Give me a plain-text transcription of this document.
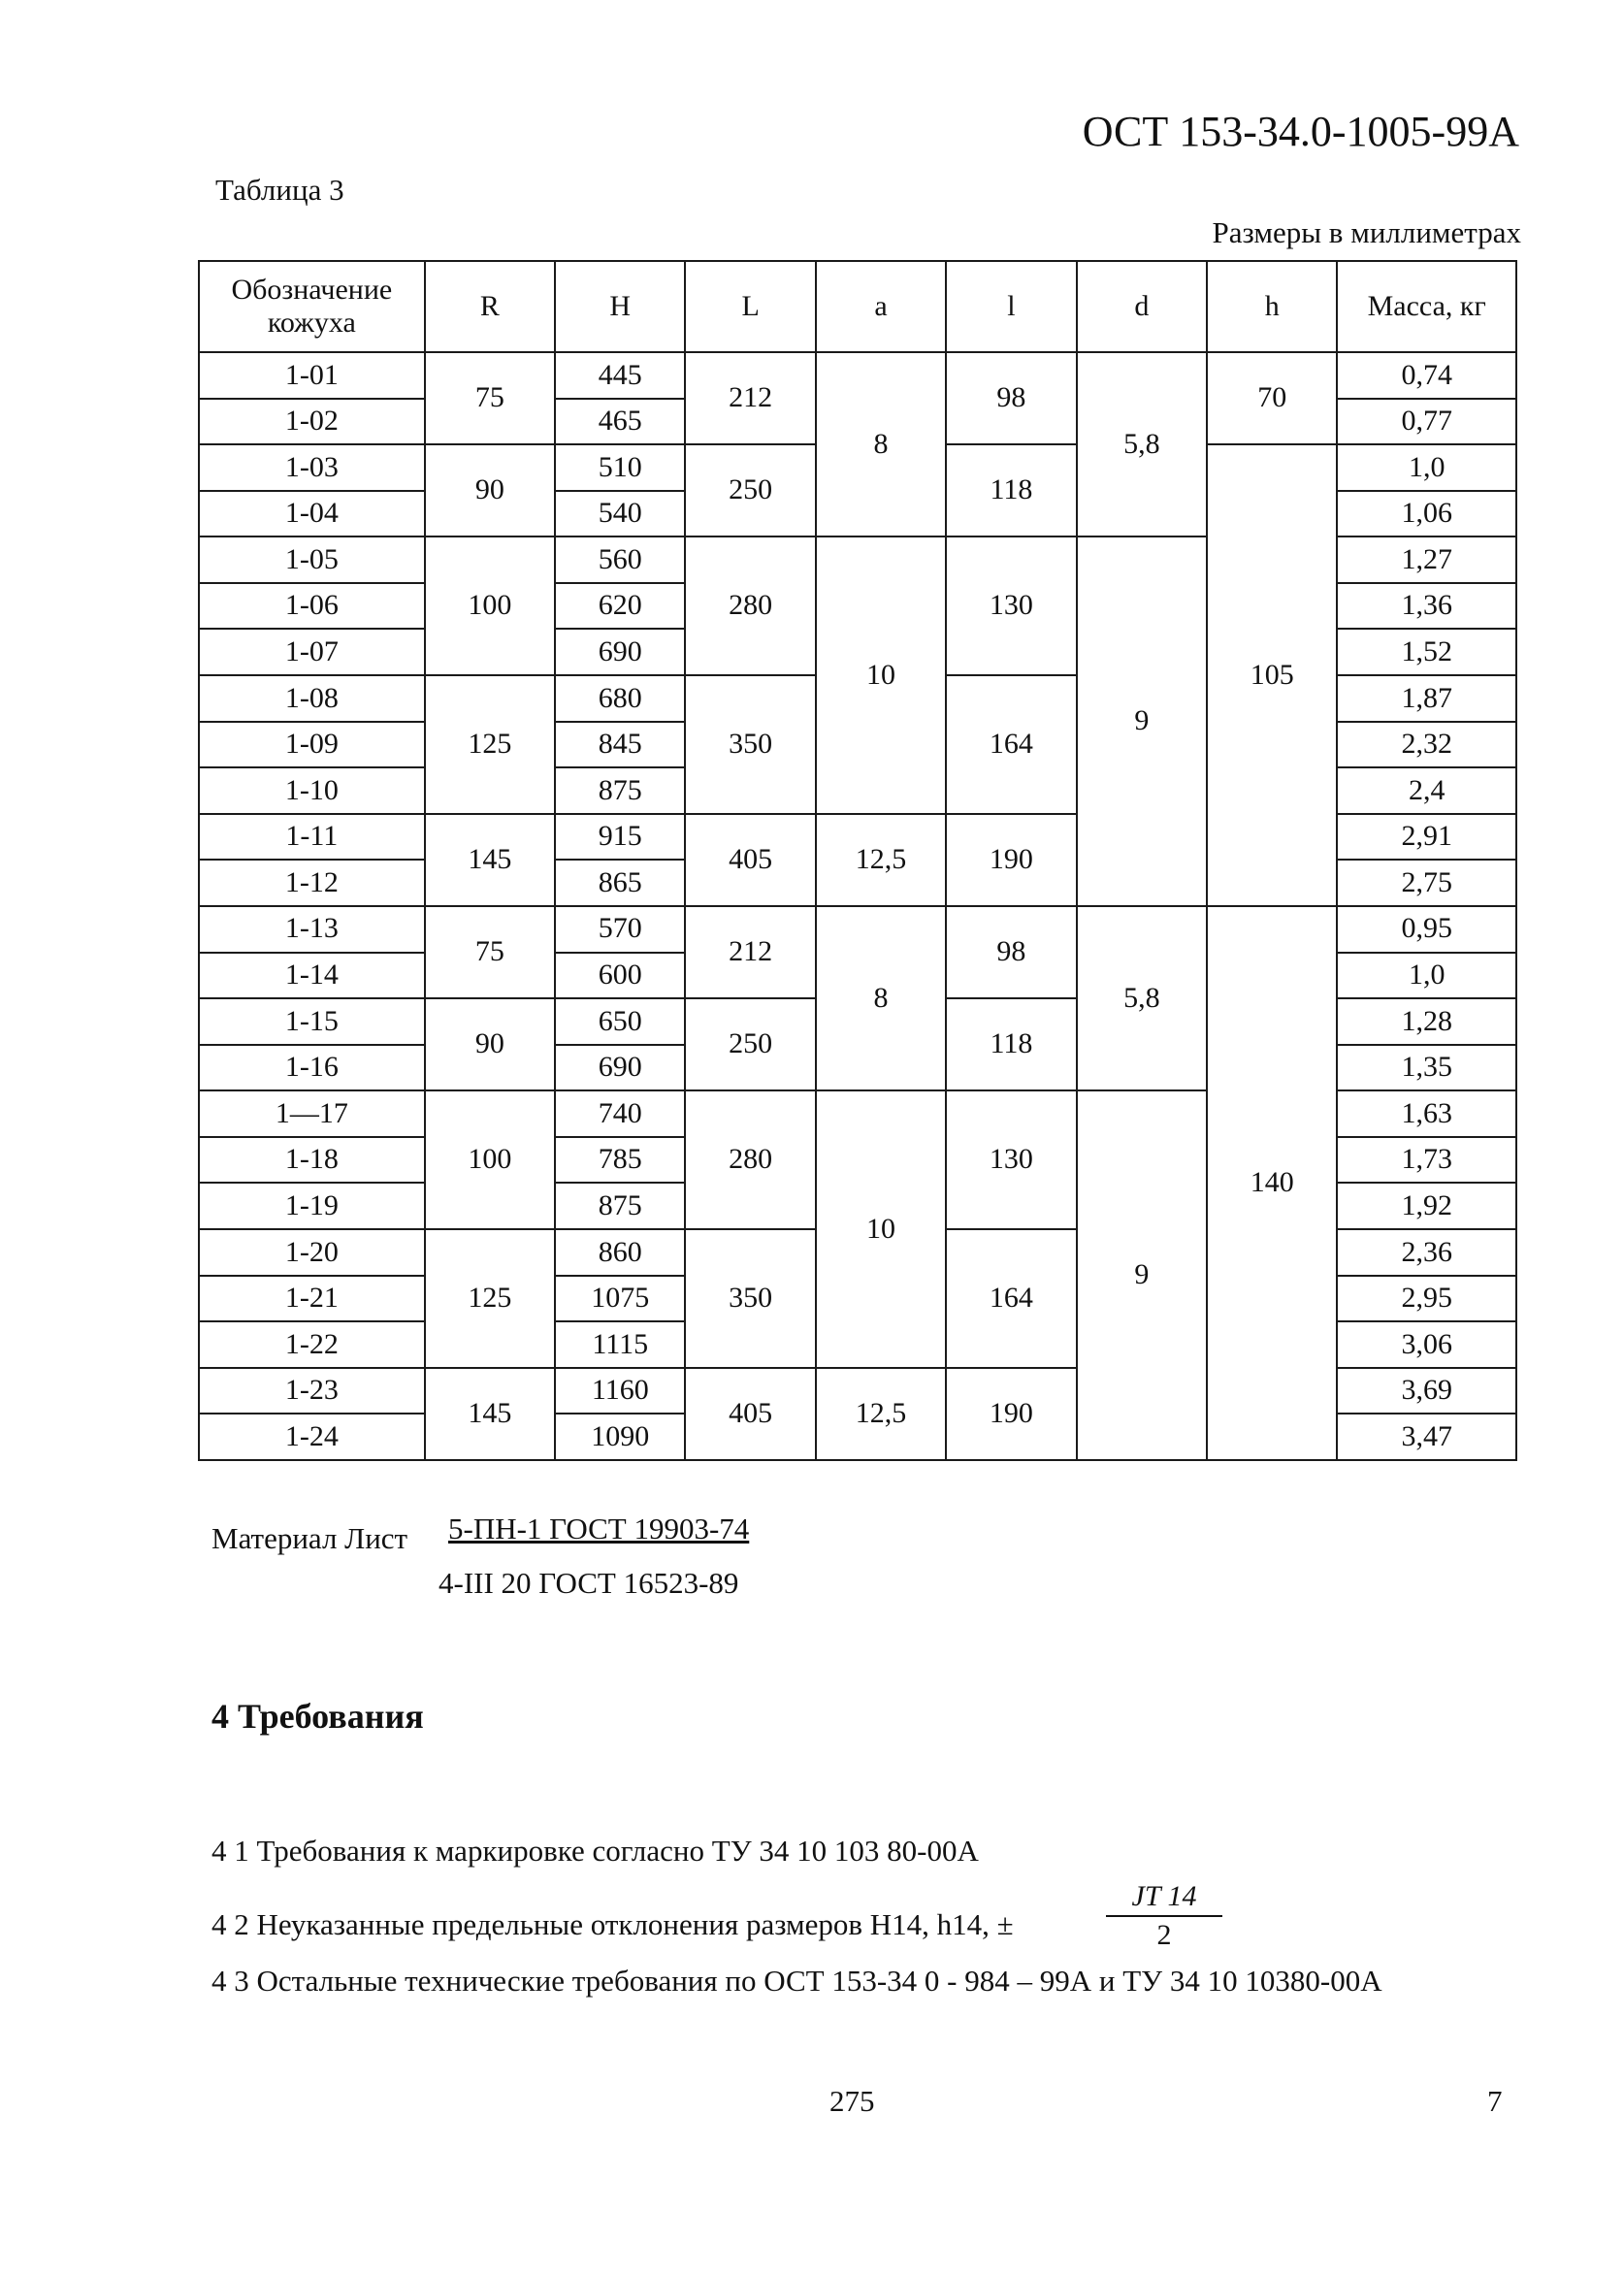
ОСТ 153-34.0-1005-99А
Таблица 3
Размеры в миллиметрах
Обозначение кожуха	R	H	L	a	l	d	h	Масса, кг
1-01	75	445	212	8	98	5,8	70	0,74
1-02		465						0,77
1-03	90	510	250		118		105	1,0
1-04		540						1,06
1-05	100	560	280	10	130	9		1,27
1-06		620						1,36
1-07		690						1,52
1-08	125	680	350		164			1,87
1-09		845						2,32
1-10		875						2,4
1-11	145	915	405	12,5	190			2,91
1-12		865						2,75
1-13	75	570	212	8	98	5,8	140	0,95
1-14		600						1,0
1-15	90	650	250		118			1,28
1-16		690						1,35
1—17	100	740	280	10	130	9		1,63
1-18		785						1,73
1-19		875						1,92
1-20	125	860	350		164			2,36
1-21		1075						2,95
1-22		1115						3,06
1-23	145	1160	405	12,5	190			3,69
1-24		1090						3,47
Материал Лист 5-ПН-1 ГОСТ 19903-74
4-III 20 ГОСТ 16523-89
4 Требования
4 1 Требования к маркировке согласно ТУ 34 10 103 80-00А
4 2 Неуказанные предельные отклонения размеров Н14, h14, ±	$\frac{JT 14}{2}$
4 3 Остальные технические требования по ОСТ 153-34 0 - 984 – 99А и ТУ 34 10 10380-00А
275	7
